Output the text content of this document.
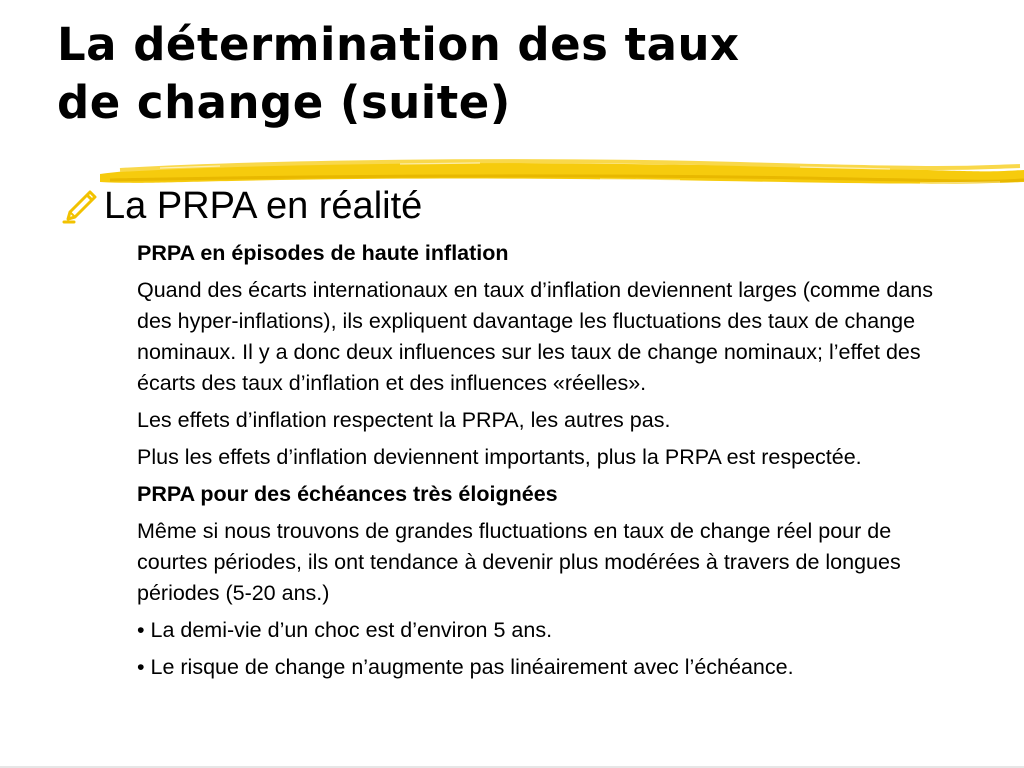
La détermination des taux
de change (suite)
La PRPA en réalité

PRPA en épisodes de haute inflation

Quand des écarts internationaux en taux d’inflation deviennent larges (comme dans des hyper-inflations), ils expliquent davantage les fluctuations des taux de change nominaux. Il y a donc deux influences sur les taux de change nominaux; l’effet des écarts des taux d’inflation et des influences «réelles».

Les effets d’inflation respectent la PRPA, les autres pas.

Plus les effets d’inflation deviennent importants, plus la PRPA est respectée.

PRPA pour des échéances très éloignées

Même si nous trouvons de grandes fluctuations en taux de change réel pour de courtes périodes, ils ont tendance à devenir plus modérées à travers de longues périodes (5-20 ans.)

• La demi-vie d’un choc est d’environ 5 ans.

• Le risque de change n’augmente pas linéairement avec l’échéance.
